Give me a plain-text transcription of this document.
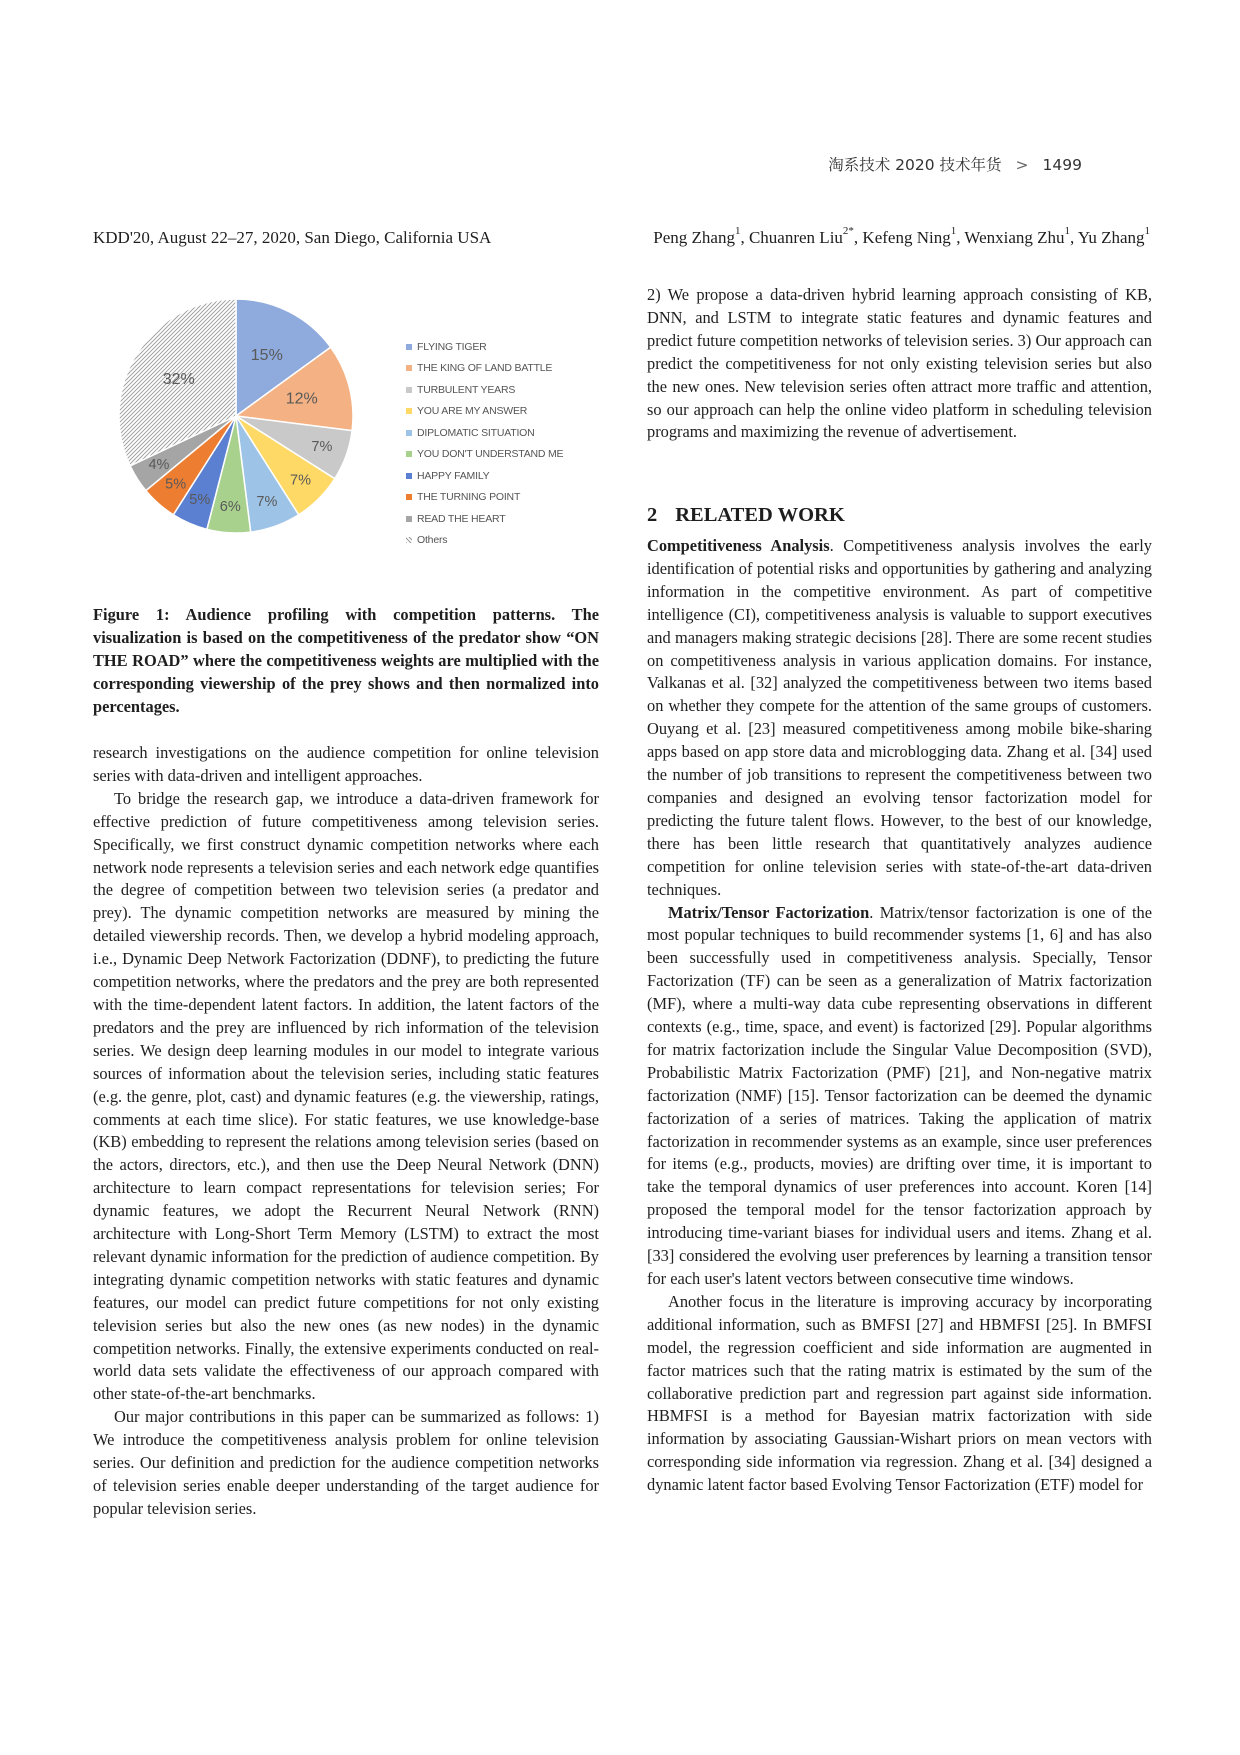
淘系技术 2020 技术年货 > 1499
KDD'20, August 22–27, 2020, San Diego, California USA	Peng Zhang$^1$, Chuanren Liu$^{2*}$, Kefeng Ning$^1$, Wenxiang Zhu$^1$, Yu Zhang$^1$
15%
12%
7%
7%
7%
6%
5%
5%
4%
32%
FLYING TIGER
THE KING OF LAND BATTLE
TURBULENT YEARS
YOU ARE MY ANSWER
DIPLOMATIC SITUATION
YOU DON'T UNDERSTAND ME
HAPPY FAMILY
THE TURNING POINT
READ THE HEART
Others
Figure 1: Audience profiling with competition patterns. The visualization is based on the competitiveness of the predator show “ON THE ROAD” where the competitiveness weights are multiplied with the corresponding viewership of the prey shows and then normalized into percentages.

research investigations on the audience competition for online television series with data-driven and intelligent approaches.

To bridge the research gap, we introduce a data-driven framework for effective prediction of future competitiveness among television series. Specifically, we first construct dynamic competition networks where each network node represents a television series and each network edge quantifies the degree of competition between two television series (a predator and prey). The dynamic competition networks are measured by mining the detailed viewership records. Then, we develop a hybrid modeling approach, i.e., Dynamic Deep Network Factorization (DDNF), to predicting the future competition networks, where the predators and the prey are both represented with the time-dependent latent factors. In addition, the latent factors of the predators and the prey are influenced by rich information of the television series. We design deep learning modules in our model to integrate various sources of information about the television series, including static features (e.g. the genre, plot, cast) and dynamic features (e.g. the viewership, ratings, comments at each time slice). For static features, we use knowledge-base (KB) embedding to represent the relations among television series (based on the actors, directors, etc.), and then use the Deep Neural Network (DNN) architecture to learn compact representations for television series; For dynamic features, we adopt the Recurrent Neural Network (RNN) architecture with Long-Short Term Memory (LSTM) to extract the most relevant dynamic information for the prediction of audience competition. By integrating dynamic competition networks with static features and dynamic features, our model can predict future competitions for not only existing television series but also the new ones (as new nodes) in the dynamic competition networks. Finally, the extensive experiments conducted on real-world data sets validate the effectiveness of our approach compared with other state-of-the-art benchmarks.

Our major contributions in this paper can be summarized as follows: 1) We introduce the competitiveness analysis problem for online television series. Our definition and prediction for the audience competition networks of television series enable deeper understanding of the target audience for popular television series.

2) We propose a data-driven hybrid learning approach consisting of KB, DNN, and LSTM to integrate static features and dynamic features and predict future competition networks of television series. 3) Our approach can predict the competitiveness for not only existing television series but also the new ones. New television series often attract more traffic and attention, so our approach can help the online video platform in scheduling television programs and maximizing the revenue of advertisement.

2 RELATED WORK

Competitiveness Analysis. Competitiveness analysis involves the early identification of potential risks and opportunities by gathering and analyzing information in the competitive environment. As part of competitive intelligence (CI), competitiveness analysis is valuable to support executives and managers making strategic decisions [28]. There are some recent studies on competitiveness analysis in various application domains. For instance, Valkanas et al. [32] analyzed the competitiveness between two items based on whether they compete for the attention of the same groups of customers. Ouyang et al. [23] measured competitiveness among mobile bike-sharing apps based on app store data and microblogging data. Zhang et al. [34] used the number of job transitions to represent the competitiveness between two companies and designed an evolving tensor factorization model for predicting the future talent flows. However, to the best of our knowledge, there has been little research that quantitatively analyzes audience competition for online television series with state-of-the-art data-driven techniques.

Matrix/Tensor Factorization. Matrix/tensor factorization is one of the most popular techniques to build recommender systems [1, 6] and has also been successfully used in competitiveness analysis. Specially, Tensor Factorization (TF) can be seen as a generalization of Matrix factorization (MF), where a multi-way data cube representing observations in different contexts (e.g., time, space, and event) is factorized [29]. Popular algorithms for matrix factorization include the Singular Value Decomposition (SVD), Probabilistic Matrix Factorization (PMF) [21], and Non-negative matrix factorization (NMF) [15]. Tensor factorization can be deemed the dynamic factorization of a series of matrices. Taking the application of matrix factorization in recommender systems as an example, since user preferences for items (e.g., products, movies) are drifting over time, it is important to take the temporal dynamics of user preferences into account. Koren [14] proposed the temporal model for the tensor factorization approach by introducing time-variant biases for individual users and items. Zhang et al. [33] considered the evolving user preferences by learning a transition tensor for each user's latent vectors between consecutive time windows.

Another focus in the literature is improving accuracy by incorporating additional information, such as BMFSI [27] and HBMFSI [25]. In BMFSI model, the regression coefficient and side information are augmented in factor matrices such that the rating matrix is estimated by the sum of the collaborative prediction part and regression part against side information. HBMFSI is a method for Bayesian matrix factorization with side information by associating Gaussian-Wishart priors on mean vectors with corresponding side information via regression. Zhang et al. [34] designed a dynamic latent factor based Evolving Tensor Factorization (ETF) model for
